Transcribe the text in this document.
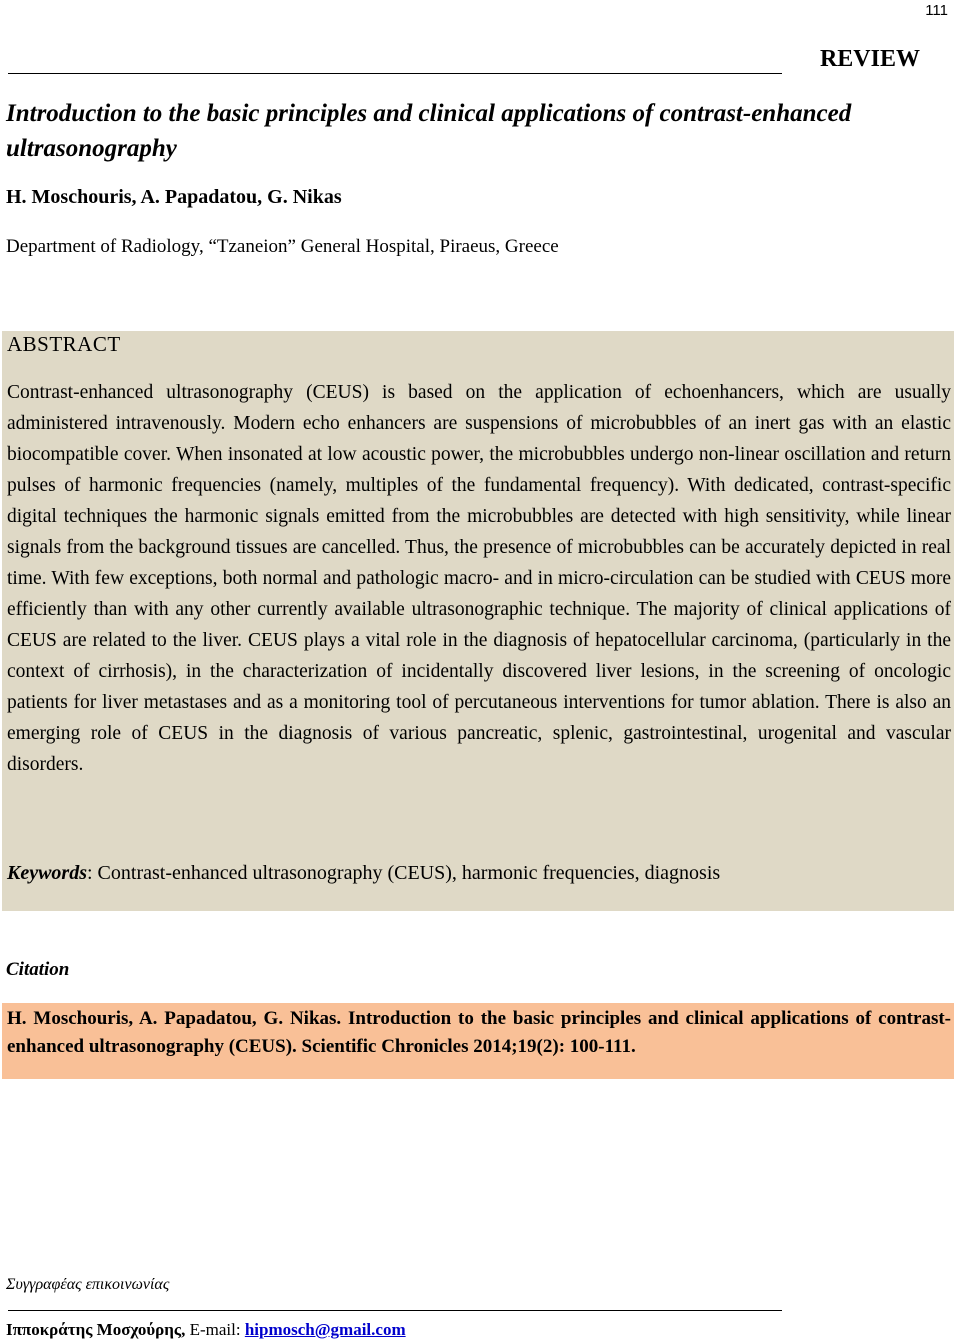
111
REVIEW
Introduction to the basic principles and clinical applications of contrast-enhanced ultrasonography
H. Moschouris, A. Papadatou, G. Nikas
Department of Radiology, “Tzaneion” General Hospital, Piraeus, Greece
ABSTRACT
Contrast-enhanced ultrasonography (CEUS) is based on the application of echoenhancers, which are usually administered intravenously. Modern echo enhancers are suspensions of microbubbles of an inert gas with an elastic biocompatible cover. When insonated at low acoustic power, the microbubbles undergo non-linear oscillation and return pulses of harmonic frequencies (namely, multiples of the fundamental frequency). With dedicated, contrast-specific digital techniques the harmonic signals emitted from the microbubbles are detected with high sensitivity, while linear signals from the background tissues are cancelled. Thus, the presence of microbubbles can be accurately depicted in real time. With few exceptions, both normal and pathologic macro- and in micro-circulation can be studied with CEUS more efficiently than with any other currently available ultrasonographic technique. The majority of clinical applications of CEUS are related to the liver. CEUS plays a vital role in the diagnosis of hepatocellular carcinoma, (particularly in the context of cirrhosis), in the characterization of incidentally discovered liver lesions, in the screening of oncologic patients for liver metastases and as a monitoring tool of percutaneous interventions for tumor ablation. There is also an emerging role of CEUS in the diagnosis of various pancreatic, splenic, gastrointestinal, urogenital and vascular disorders.
Keywords: Contrast-enhanced ultrasonography (CEUS), harmonic frequencies, diagnosis
Citation
H. Moschouris, A. Papadatou, G. Nikas. Introduction to the basic principles and clinical applications of contrast-enhanced ultrasonography (CEUS). Scientific Chronicles 2014;19(2): 100-111.
Συγγραφέας επικοινωνίας
Ιπποκράτης Μοσχούρης, E-mail: hipmosch@gmail.com
